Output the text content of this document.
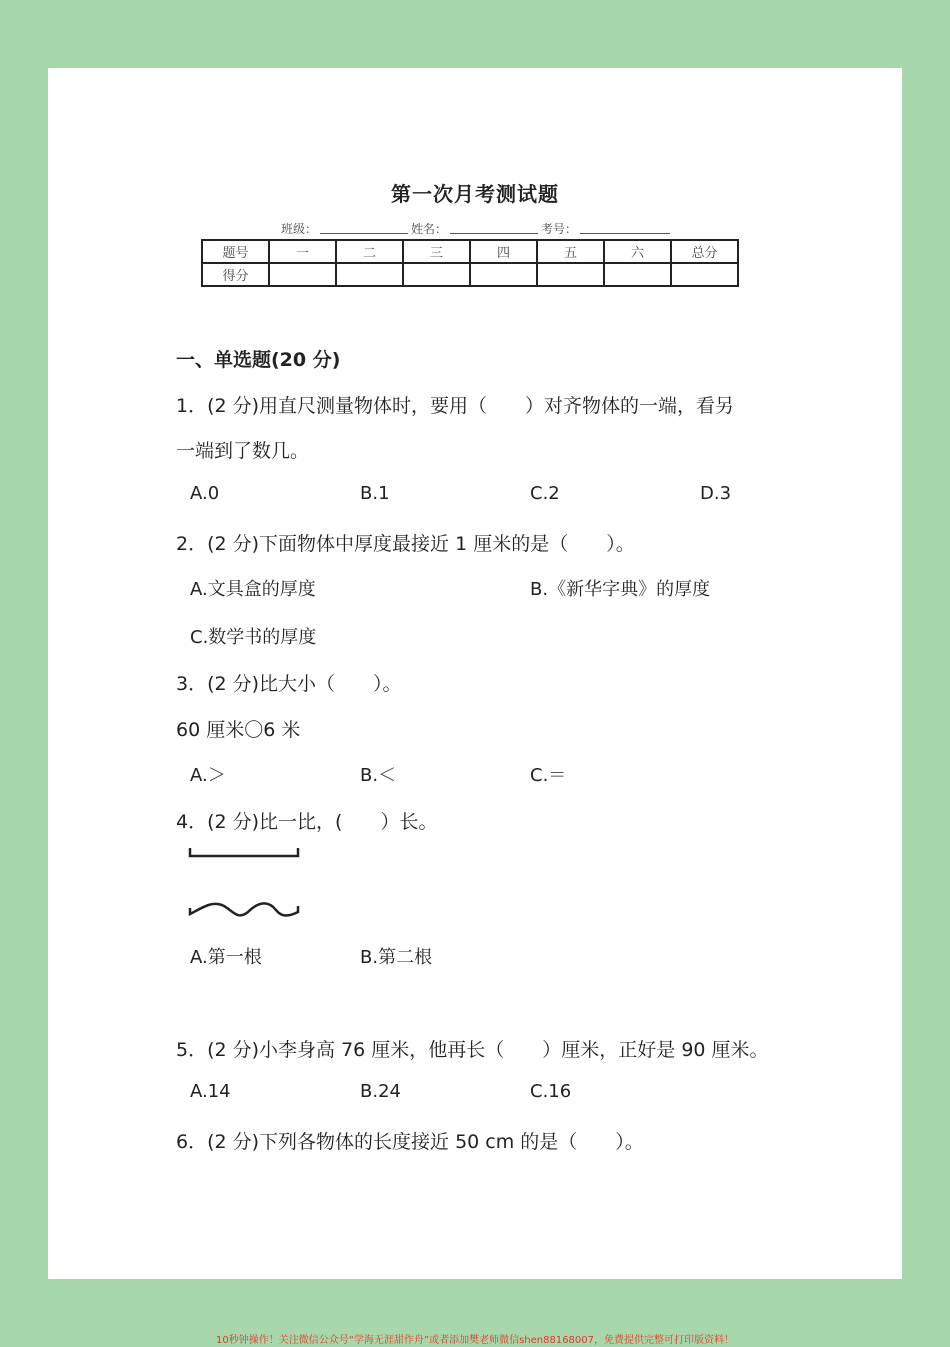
第一次月考测试题
班级：	姓名：	考号：
题号	一	二	三	四	五	六	总分
得分							
一、单选题(20 分)
1．(2 分)用直尺测量物体时，要用（　　）对齐物体的一端，看另
一端到了数几。
A.0	B.1	C.2	D.3
2．(2 分)下面物体中厚度最接近 1 厘米的是（　　）。
A.文具盒的厚度	B.《新华字典》的厚度
C.数学书的厚度
3．(2 分)比大小（　　）。
60 厘米〇6 米
A.＞	B.＜	C.＝
4．(2 分)比一比，(　　）长。
A.第一根	B.第二根
5．(2 分)小李身高 76 厘米，他再长（　　）厘米，正好是 90 厘米。
A.14	B.24	C.16
6．(2 分)下列各物体的长度接近 50 cm 的是（　　）。
10秒钟操作！关注微信公众号“学海无涯甜作舟”或者添加樊老师微信shen88168007，免费提供完整可打印版资料！
